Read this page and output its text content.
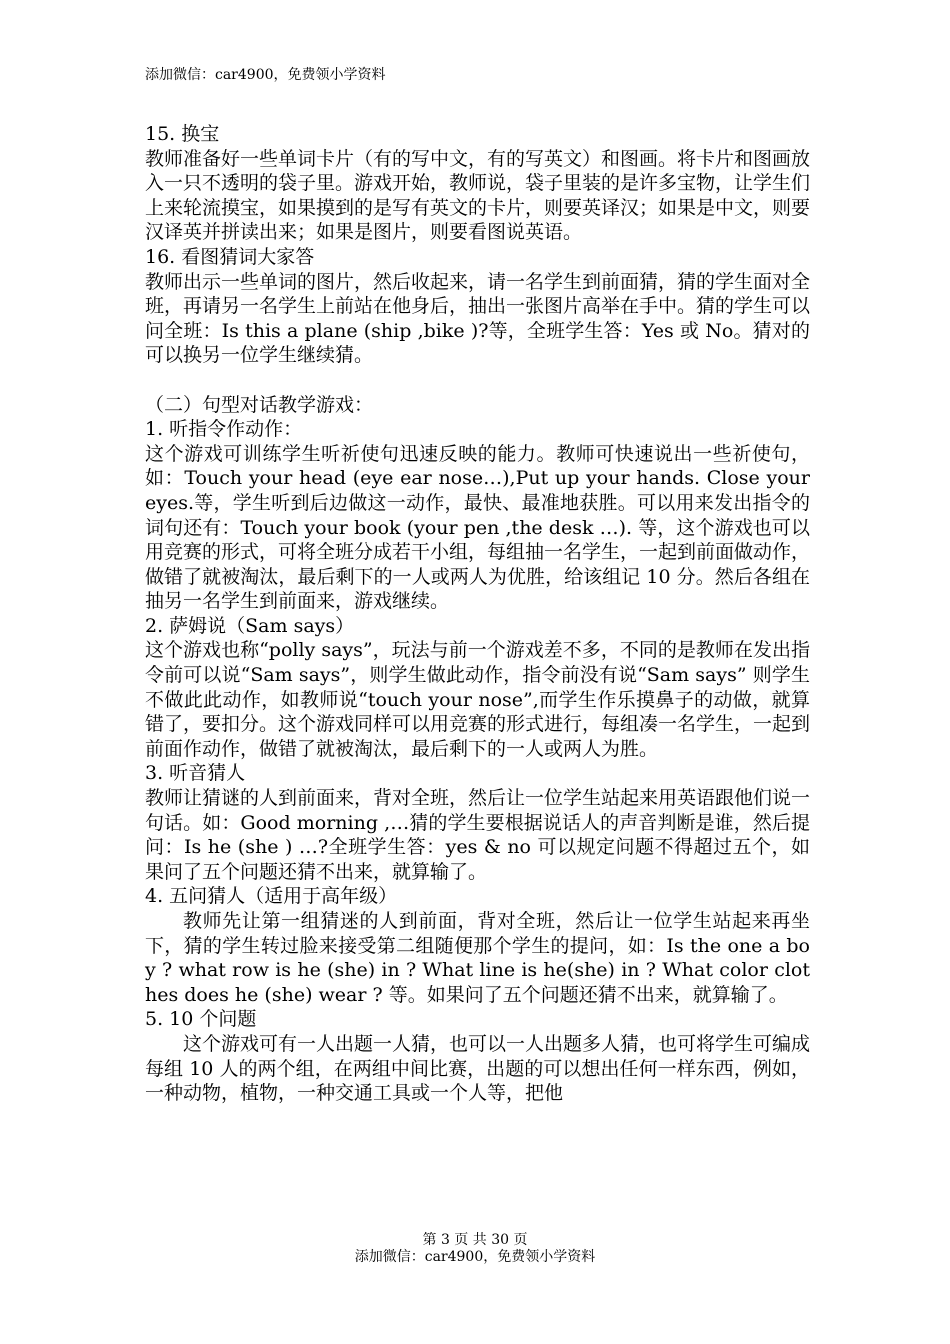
添加微信：car4900，免费领小学资料

15. 换宝

教师准备好一些单词卡片（有的写中文，有的写英文）和图画。将卡片和图画放入一只不透明的袋子里。游戏开始，教师说，袋子里装的是许多宝物，让学生们上来轮流摸宝，如果摸到的是写有英文的卡片，则要英译汉；如果是中文，则要汉译英并拼读出来；如果是图片，则要看图说英语。

16. 看图猜词大家答

教师出示一些单词的图片，然后收起来，请一名学生到前面猜，猜的学生面对全班，再请另一名学生上前站在他身后，抽出一张图片高举在手中。猜的学生可以问全班：Is this a plane (ship ,bike )?等，全班学生答：Yes 或 No。猜对的可以换另一位学生继续猜。

（二）句型对话教学游戏：

1. 听指令作动作：

这个游戏可训练学生听祈使句迅速反映的能力。教师可快速说出一些祈使句，如：Touch your head (eye ear nose…),Put up your hands. Close your eyes.等，学生听到后边做这一动作，最快、最准地获胜。可以用来发出指令的词句还有：Touch your book (your pen ,the desk …). 等，这个游戏也可以用竞赛的形式，可将全班分成若干小组，每组抽一名学生，一起到前面做动作，做错了就被淘汰，最后剩下的一人或两人为优胜，给该组记 10 分。然后各组在抽另一名学生到前面来，游戏继续。

2. 萨姆说（Sam says）

这个游戏也称“polly says”，玩法与前一个游戏差不多，不同的是教师在发出指令前可以说“Sam says”，则学生做此动作，指令前没有说“Sam says” 则学生不做此此动作，如教师说“touch your nose”,而学生作乐摸鼻子的动做，就算错了，要扣分。这个游戏同样可以用竞赛的形式进行，每组凑一名学生，一起到前面作动作，做错了就被淘汰，最后剩下的一人或两人为胜。

3. 听音猜人

教师让猜谜的人到前面来，背对全班，然后让一位学生站起来用英语跟他们说一句话。如：Good morning ,…猜的学生要根据说话人的声音判断是谁，然后提问：Is he (she ) …?全班学生答：yes & no 可以规定问题不得超过五个，如果问了五个问题还猜不出来，就算输了。

4. 五问猜人（适用于高年级）

教师先让第一组猜迷的人到前面，背对全班，然后让一位学生站起来再坐下，猜的学生转过脸来接受第二组随便那个学生的提问，如：Is the one a boy ? what row is he (she) in ? What line is he(she) in ? What color clothes does he (she) wear ? 等。如果问了五个问题还猜不出来，就算输了。

5. 10 个问题

这个游戏可有一人出题一人猜，也可以一人出题多人猜，也可将学生可编成每组 10 人的两个组，在两组中间比赛，出题的可以想出任何一样东西，例如，一种动物，植物，一种交通工具或一个人等，把他

第 3 页 共 30 页
添加微信：car4900，免费领小学资料
